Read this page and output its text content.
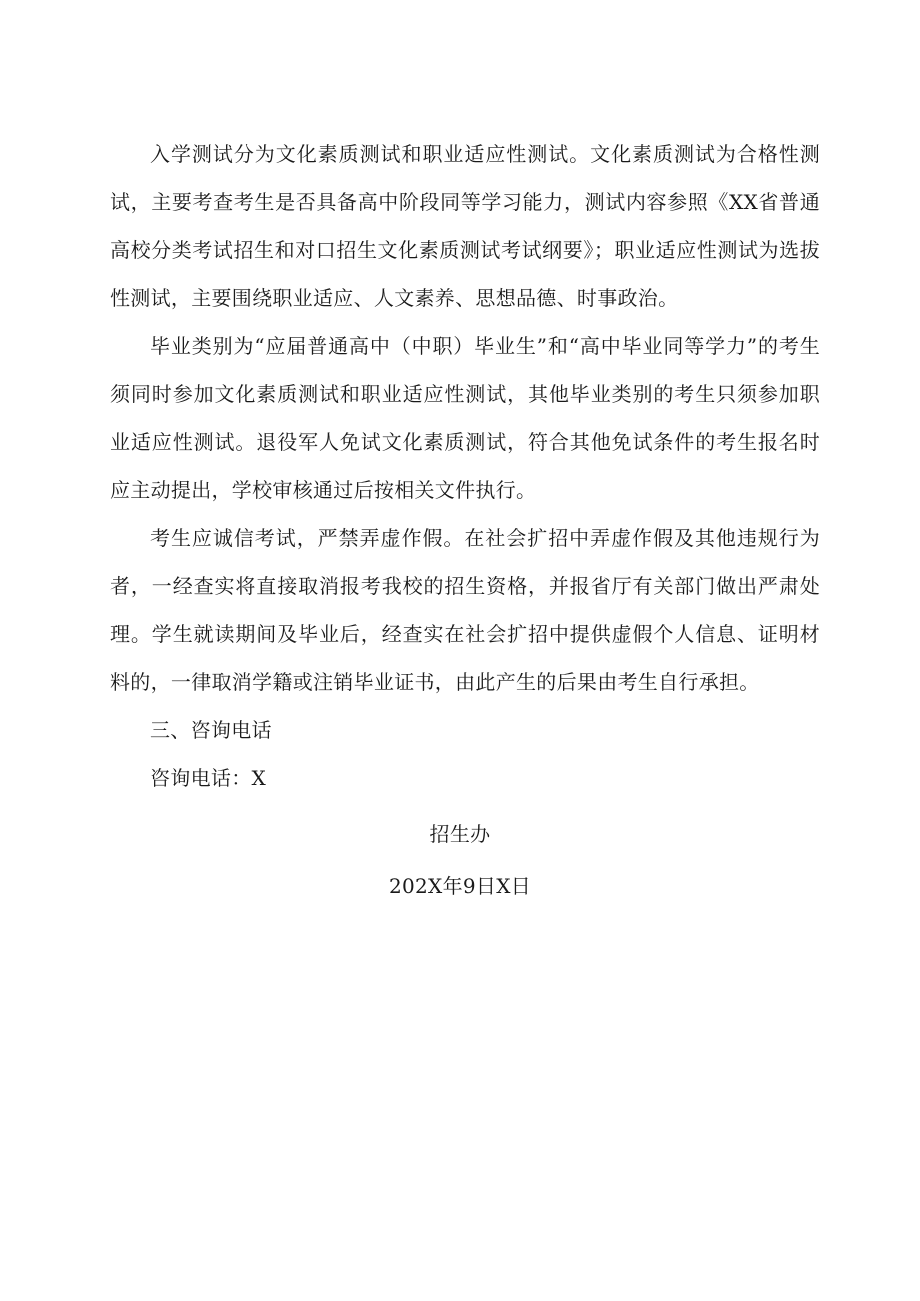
入学测试分为文化素质测试和职业适应性测试。文化素质测试为合格性测试，主要考查考生是否具备高中阶段同等学习能力，测试内容参照《XX省普通高校分类考试招生和对口招生文化素质测试考试纲要》；职业适应性测试为选拔性测试，主要围绕职业适应、人文素养、思想品德、时事政治。

毕业类别为“应届普通高中（中职）毕业生”和“高中毕业同等学力”的考生须同时参加文化素质测试和职业适应性测试，其他毕业类别的考生只须参加职业适应性测试。退役军人免试文化素质测试，符合其他免试条件的考生报名时应主动提出，学校审核通过后按相关文件执行。

考生应诚信考试，严禁弄虚作假。在社会扩招中弄虚作假及其他违规行为者，一经查实将直接取消报考我校的招生资格，并报省厅有关部门做出严肃处理。学生就读期间及毕业后，经查实在社会扩招中提供虚假个人信息、证明材料的，一律取消学籍或注销毕业证书，由此产生的后果由考生自行承担。

三、咨询电话
咨询电话：X
招生办
202X年9日X日
